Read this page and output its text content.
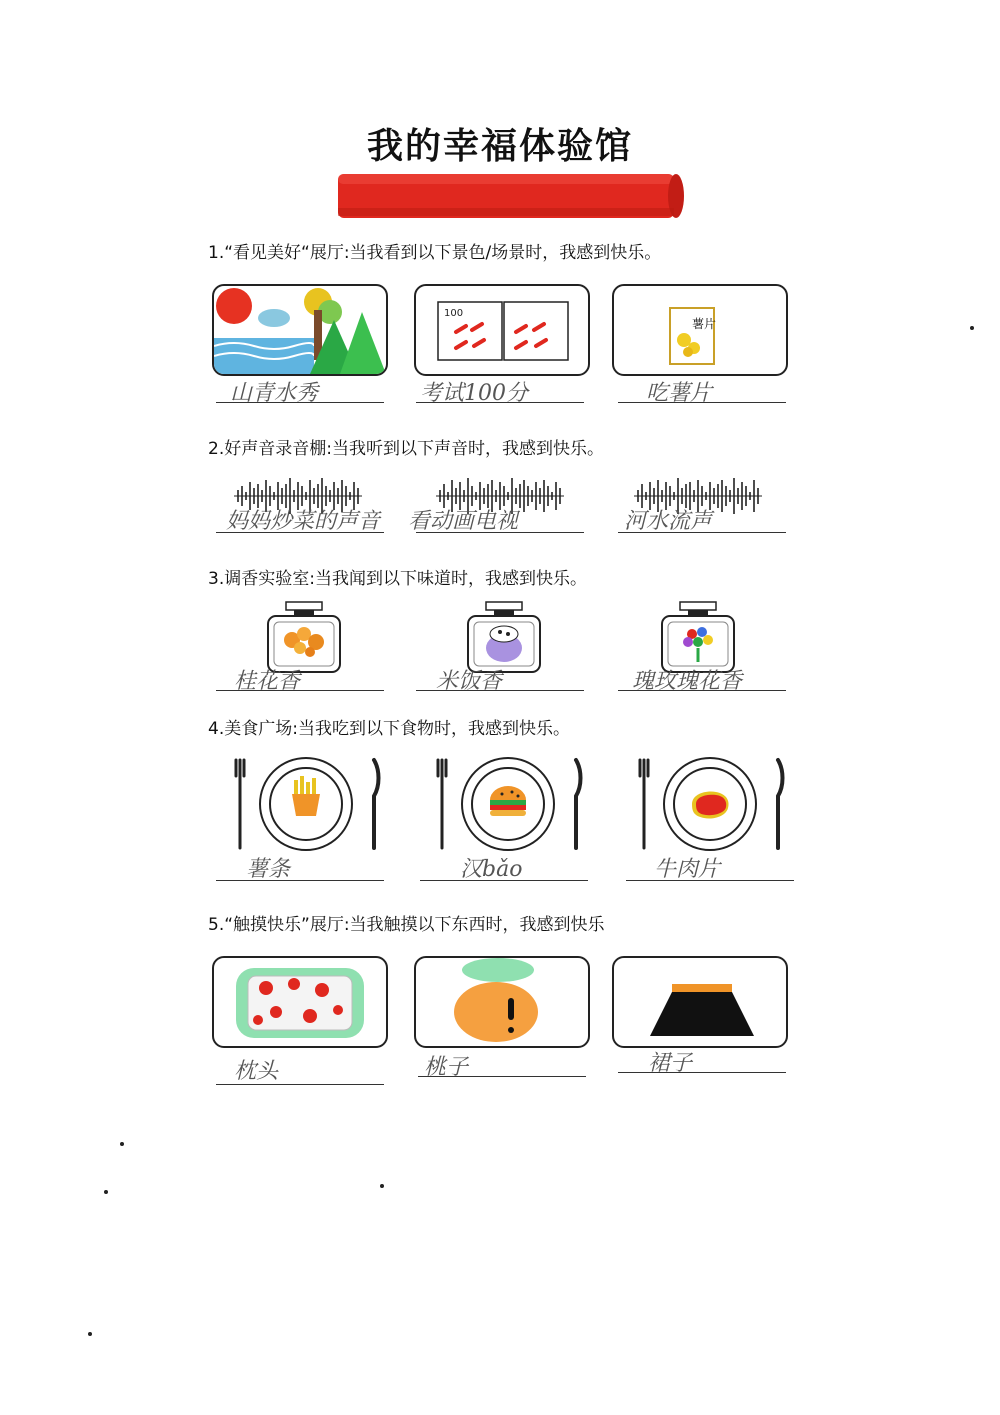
我的幸福体验馆
1.“看见美好“展厅:当我看到以下景色/场景时，我感到快乐。
100
薯片
山青水秀	考试100分	吃薯片
2.好声音录音棚:当我听到以下声音时，我感到快乐。
妈妈炒菜的声音 看动画电视	河水流声
3.调香实验室:当我闻到以下味道时，我感到快乐。
桂花香	米饭香	瑰玫瑰花香
4.美食广场:当我吃到以下食物时，我感到快乐。
薯条	汉bǎo	牛肉片
5.“触摸快乐”展厅:当我触摸以下东西时，我感到快乐
枕头	桃子	裙子
